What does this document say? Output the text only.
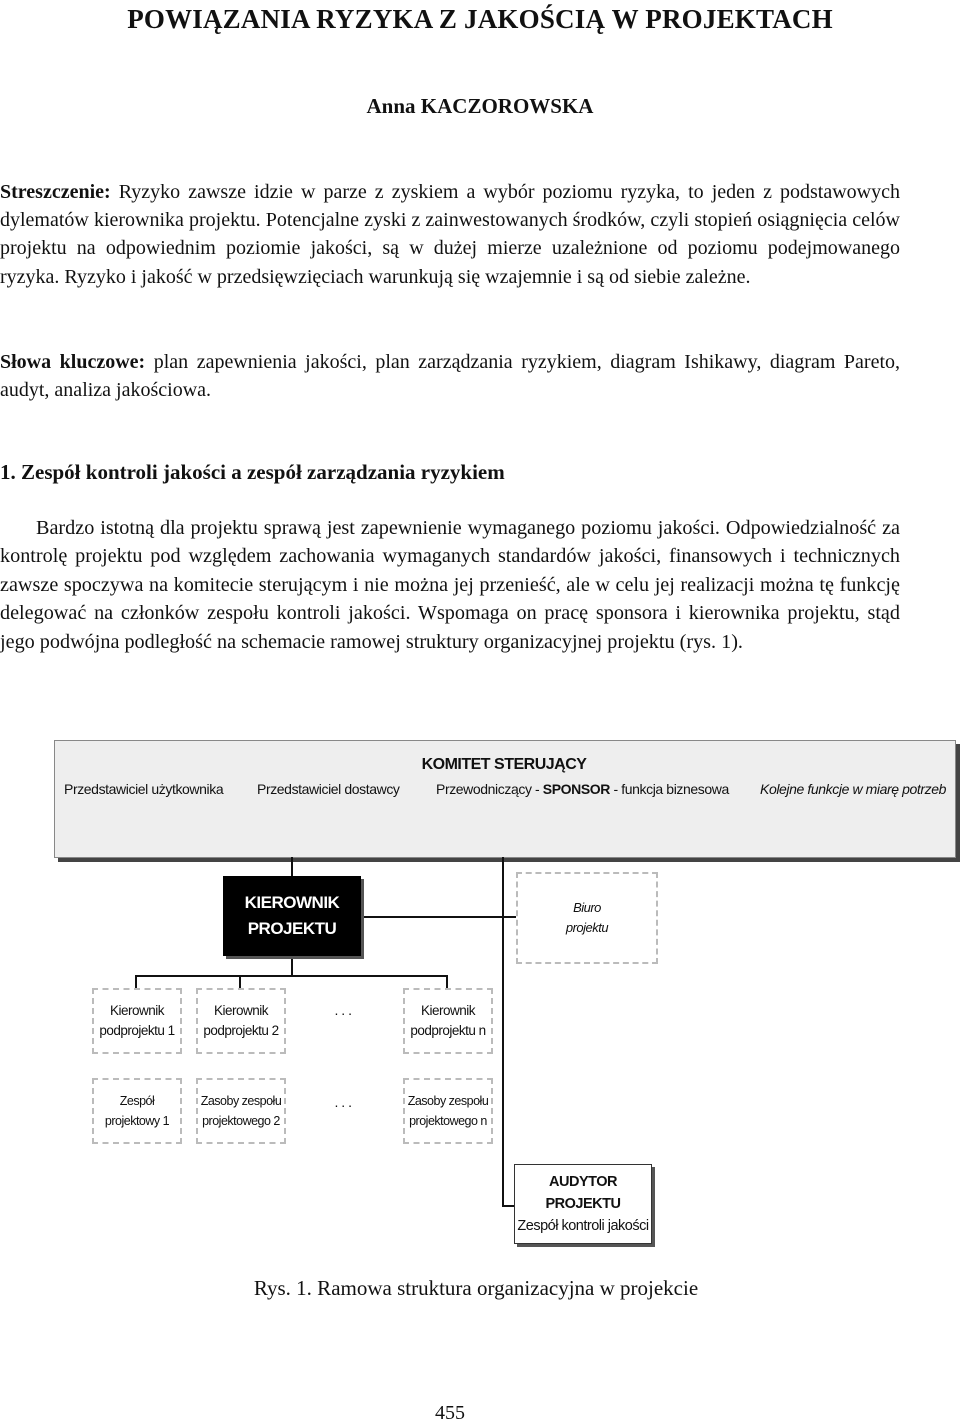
POWIĄZANIA RYZYKA Z JAKOŚCIĄ W PROJEKTACH
Anna KACZOROWSKA
Streszczenie: Ryzyko zawsze idzie w parze z zyskiem a wybór poziomu ryzyka, to jeden z podstawowych dylematów kierownika projektu. Potencjalne zyski z zainwestowanych środków, czyli stopień osiągnięcia celów projektu na odpowiednim poziomie jakości, są w dużej mierze uzależnione od poziomu podejmowanego ryzyka. Ryzyko i jakość w przedsięwzięciach warunkują się wzajemnie i są od siebie zależne.
Słowa kluczowe: plan zapewnienia jakości, plan zarządzania ryzykiem, diagram Ishikawy, diagram Pareto, audyt, analiza jakościowa.
1. Zespół kontroli jakości a zespół zarządzania ryzykiem
Bardzo istotną dla projektu sprawą jest zapewnienie wymaganego poziomu jakości. Odpowiedzialność za kontrolę projektu pod względem zachowania wymaganych standardów jakości, finansowych i technicznych zawsze spoczywa na komitecie sterującym i nie można jej przenieść, ale w celu jej realizacji można tę funkcję delegować na członków zespołu kontroli jakości. Wspomaga on pracę sponsora i kierownika projektu, stąd jego podwójna podległość na schemacie ramowej struktury organizacyjnej projektu (rys. 1).
KOMITET STERUJĄCY
Przedstawiciel użytkownika Przedstawiciel dostawcy	Przewodniczący - SPONSOR - funkcja biznesowa Kolejne funkcje w miarę potrzeb
KIEROWNIK
PROJEKTU
Biuro
projektu
Kierownik
podprojektu 1
Kierownik
podprojektu 2
. . .	Kierownik
podprojektu n
Zespół
projektowy 1
Zasoby zespołu
projektowego 2
. . .	Zasoby zespołu
projektowego n
AUDYTOR
PROJEKTU
Zespół kontroli jakości
Rys. 1. Ramowa struktura organizacyjna w projekcie
455
